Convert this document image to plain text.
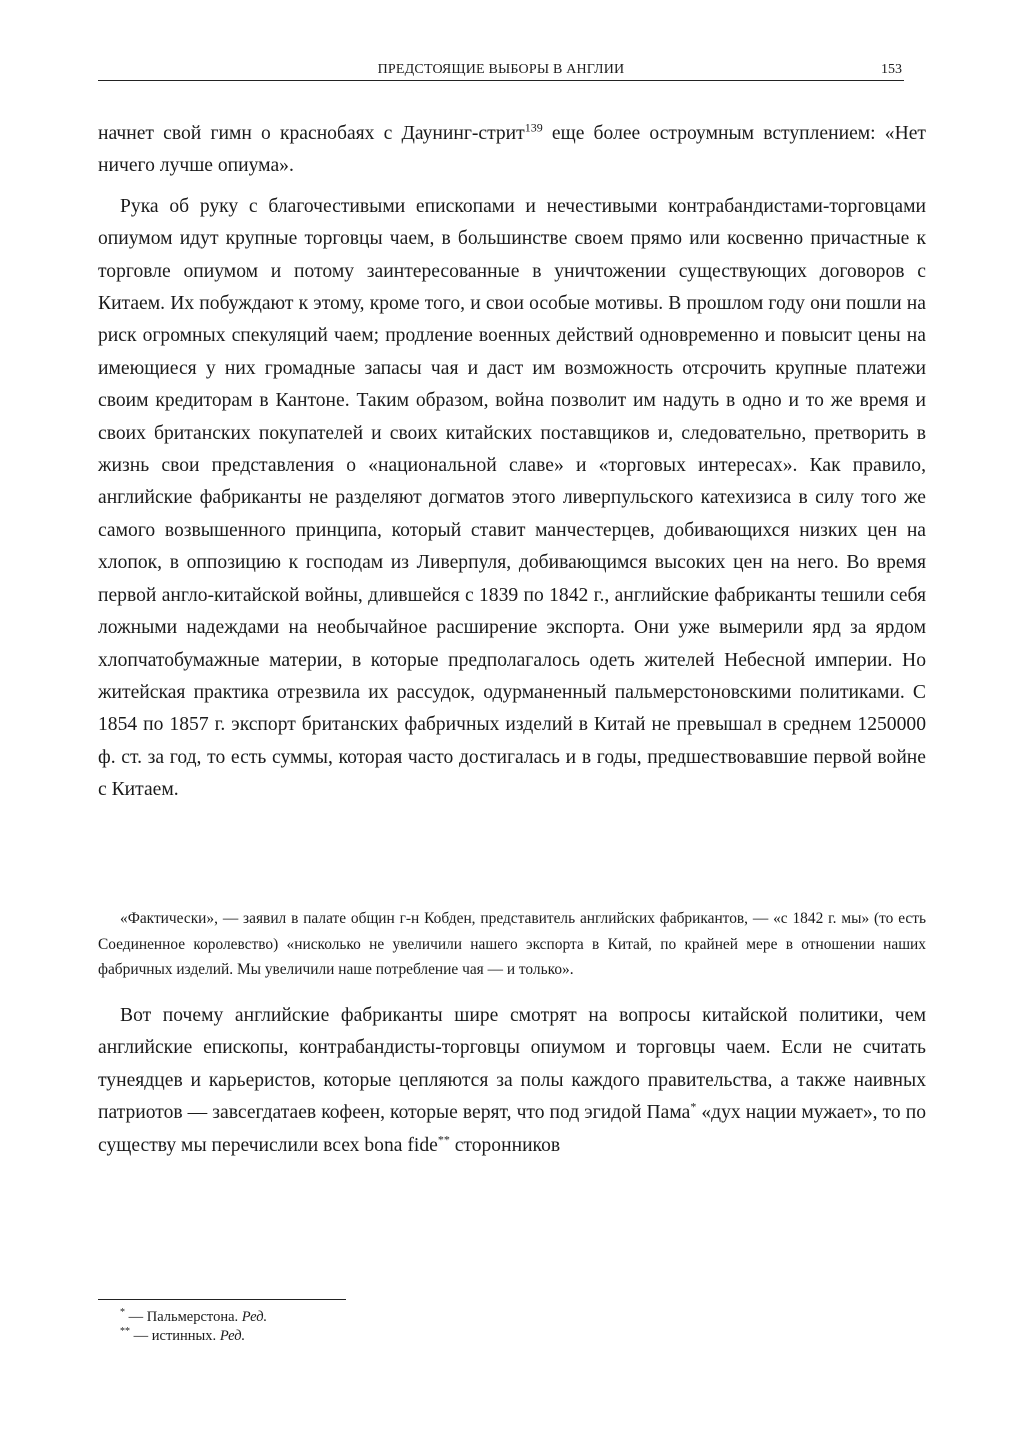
ПРЕДСТОЯЩИЕ ВЫБОРЫ В АНГЛИИ	153

начнет свой гимн о краснобаях с Даунинг-стрит$^{139}$ еще более остроумным вступлением: «Нет ничего лучше опиума».

Рука об руку с благочестивыми епископами и нечестивыми контрабандистами-торговцами опиумом идут крупные торговцы чаем, в большинстве своем прямо или косвенно причастные к торговле опиумом и потому заинтересованные в уничтожении существующих договоров с Китаем. Их побуждают к этому, кроме того, и свои особые мотивы. В прошлом году они пошли на риск огромных спекуляций чаем; продление военных действий одновременно и повысит цены на имеющиеся у них громадные запасы чая и даст им возможность отсрочить крупные платежи своим кредиторам в Кантоне. Таким образом, война позволит им надуть в одно и то же время и своих британских покупателей и своих китайских поставщиков и, следовательно, претворить в жизнь свои представления о «национальной славе» и «торговых интересах». Как правило, английские фабриканты не разделяют догматов этого ливерпульского катехизиса в силу того же самого возвышенного принципа, который ставит манчестерцев, добивающихся низких цен на хлопок, в оппозицию к господам из Ливерпуля, добивающимся высоких цен на него. Во время первой англо-китайской войны, длившейся с 1839 по 1842 г., английские фабриканты тешили себя ложными надеждами на необычайное расширение экспорта. Они уже вымерили ярд за ярдом хлопчатобумажные материи, в которые предполагалось одеть жителей Небесной империи. Но житейская практика отрезвила их рассудок, одурманенный пальмерстоновскими политиками. С 1854 по 1857 г. экспорт британских фабричных изделий в Китай не превышал в среднем 1250000 ф. ст. за год, то есть суммы, которая часто достигалась и в годы, предшествовавшие первой войне с Китаем.

«Фактически», — заявил в палате общин г-н Кобден, представитель английских фабрикантов, — «с 1842 г. мы» (то есть Соединенное королевство) «нисколько не увеличили нашего экспорта в Китай, по крайней мере в отношении наших фабричных изделий. Мы увеличили наше потребление чая — и только».

Вот почему английские фабриканты шире смотрят на вопросы китайской политики, чем английские епископы, контрабандисты-торговцы опиумом и торговцы чаем. Если не считать тунеядцев и карьеристов, которые цепляются за полы каждого правительства, а также наивных патриотов — завсегдатаев кофеен, которые верят, что под эгидой Пама* «дух нации мужает», то по существу мы перечислили всех bona fide** сторонников

* — Пальмерстона. Ред.
** — истинных. Ред.
